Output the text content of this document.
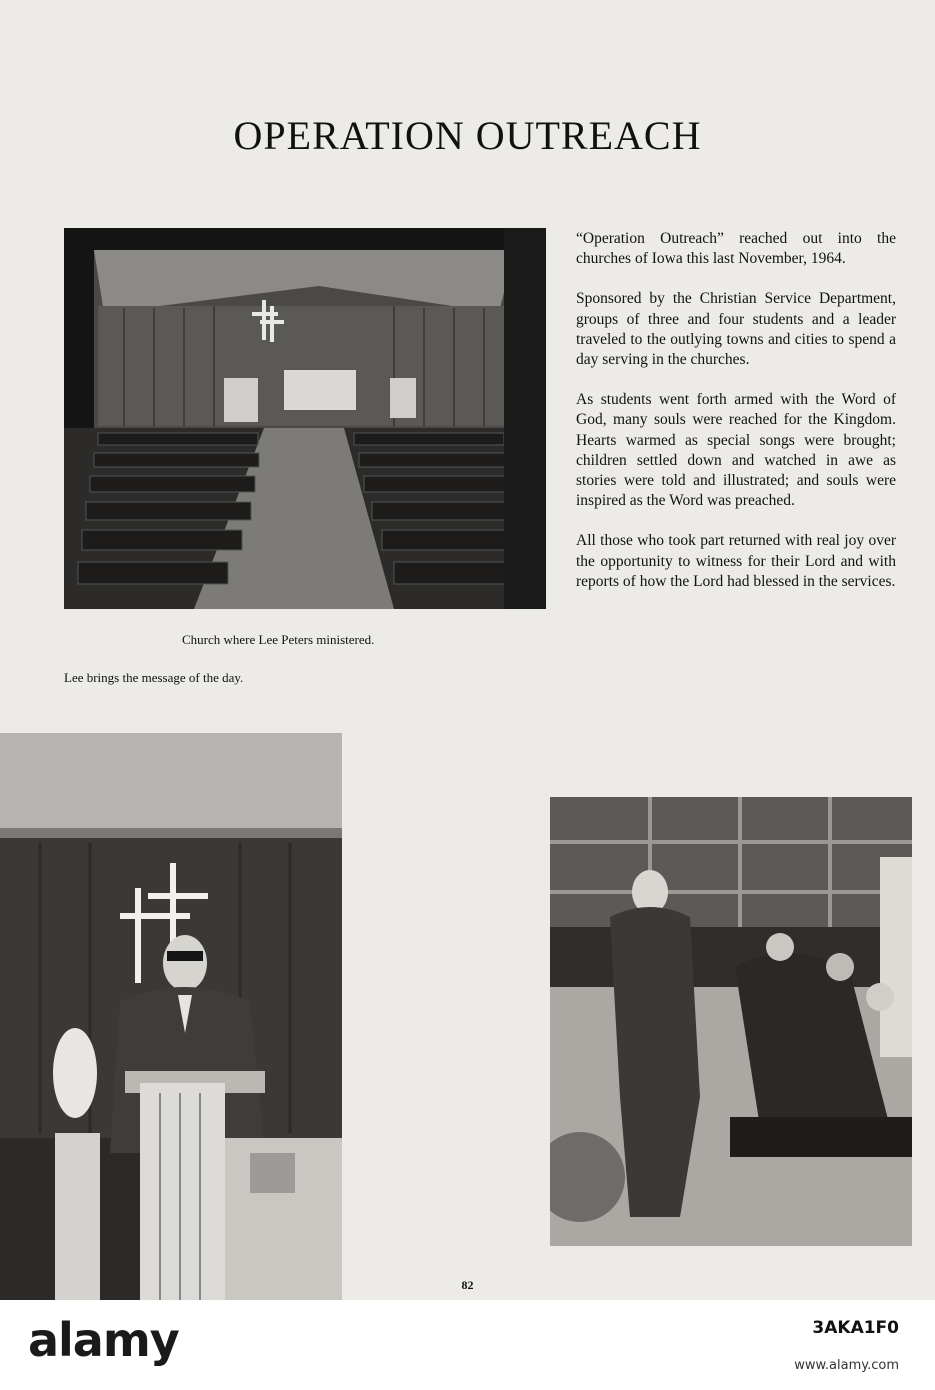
OPERATION OUTREACH
Church where Lee Peters ministered.
Lee brings the message of the day.

“Operation Outreach” reached out into the churches of Iowa this last November, 1964.

Sponsored by the Christian Service Department, groups of three and four students and a leader traveled to the outlying towns and cities to spend a day serving in the churches.

As students went forth armed with the Word of God, many souls were reached for the Kingdom. Hearts warmed as special songs were brought; children settled down and watched in awe as stories were told and illustrated; and souls were inspired as the Word was preached.

All those who took part returned with real joy over the opportunity to witness for their Lord and with reports of how the Lord had blessed in the services.

82
alamy	3AKA1F0
www.alamy.com
